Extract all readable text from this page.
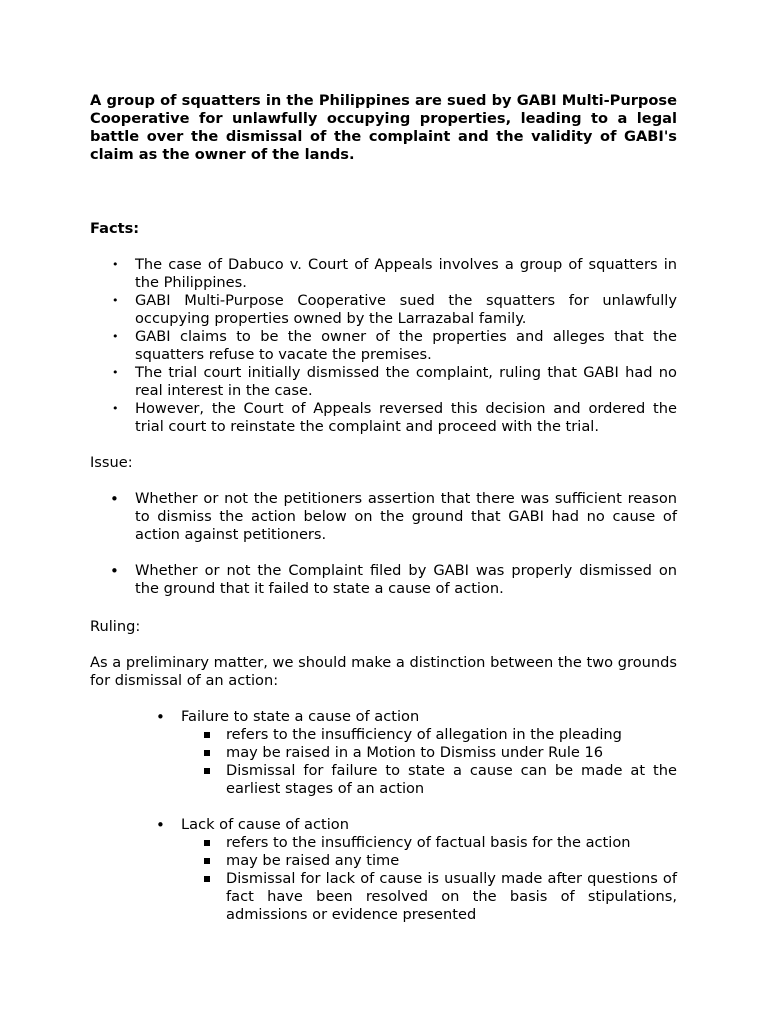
A group of squatters in the Philippines are sued by GABI Multi-Purpose Cooperative for unlawfully occupying properties, leading to a legal battle over the dismissal of the complaint and the validity of GABI's claim as the owner of the lands.

Facts:

• The case of Dabuco v. Court of Appeals involves a group of squatters in the Philippines.
• GABI Multi-Purpose Cooperative sued the squatters for unlawfully occupying properties owned by the Larrazabal family.
• GABI claims to be the owner of the properties and alleges that the squatters refuse to vacate the premises.
• The trial court initially dismissed the complaint, ruling that GABI had no real interest in the case.
• However, the Court of Appeals reversed this decision and ordered the trial court to reinstate the complaint and proceed with the trial.

Issue:

• Whether or not the petitioners assertion that there was sufficient reason to dismiss the action below on the ground that GABI had no cause of action against petitioners.
• Whether or not the Complaint filed by GABI was properly dismissed on the ground that it failed to state a cause of action.

Ruling:

As a preliminary matter, we should make a distinction between the two grounds for dismissal of an action:

• Failure to state a cause of action
refers to the insufficiency of allegation in the pleading
may be raised in a Motion to Dismiss under Rule 16
Dismissal for failure to state a cause can be made at the earliest stages of an action
• Lack of cause of action
refers to the insufficiency of factual basis for the action
may be raised any time
Dismissal for lack of cause is usually made after questions of fact have been resolved on the basis of stipulations, admissions or evidence presented
